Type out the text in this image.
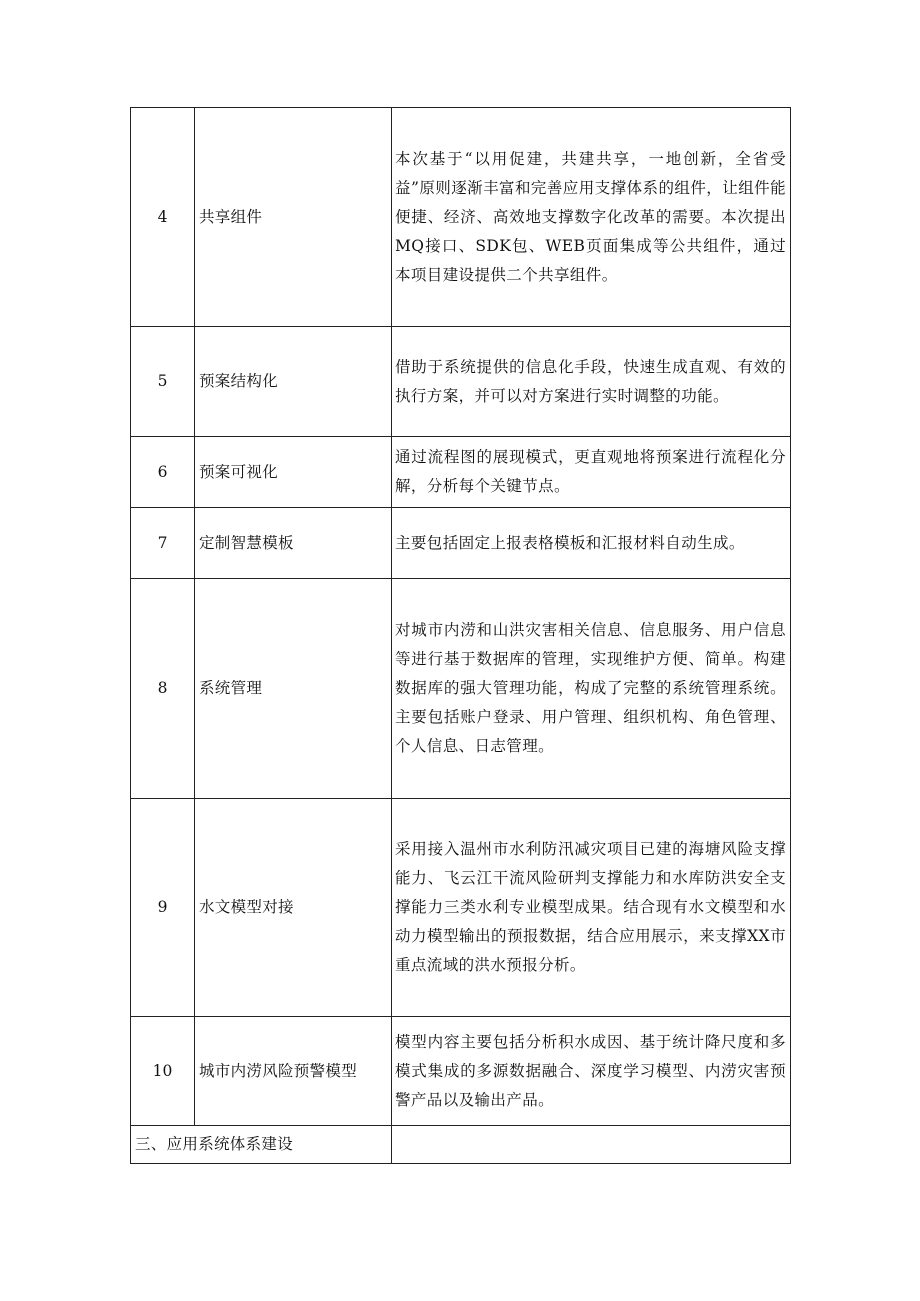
4	共享组件	本次基于“以用促建，共建共享，一地创新，全省受益”原则逐渐丰富和完善应用支撑体系的组件，让组件能便捷、经济、高效地支撑数字化改革的需要。本次提出MQ接口、SDK包、WEB页面集成等公共组件，通过本项目建设提供二个共享组件。
5	预案结构化	借助于系统提供的信息化手段，快速生成直观、有效的执行方案，并可以对方案进行实时调整的功能。
6	预案可视化	通过流程图的展现模式，更直观地将预案进行流程化分解，分析每个关键节点。
7	定制智慧模板	主要包括固定上报表格模板和汇报材料自动生成。
8	系统管理	对城市内涝和山洪灾害相关信息、信息服务、用户信息等进行基于数据库的管理，实现维护方便、简单。构建数据库的强大管理功能，构成了完整的系统管理系统。主要包括账户登录、用户管理、组织机构、角色管理、个人信息、日志管理。
9	水文模型对接	采用接入温州市水利防汛减灾项目已建的海塘风险支撑能力、飞云江干流风险研判支撑能力和水库防洪安全支撑能力三类水利专业模型成果。结合现有水文模型和水动力模型输出的预报数据，结合应用展示，来支撑XX市重点流域的洪水预报分析。
10	城市内涝风险预警模型	模型内容主要包括分析积水成因、基于统计降尺度和多模式集成的多源数据融合、深度学习模型、内涝灾害预警产品以及输出产品。
三、应用系统体系建设		
